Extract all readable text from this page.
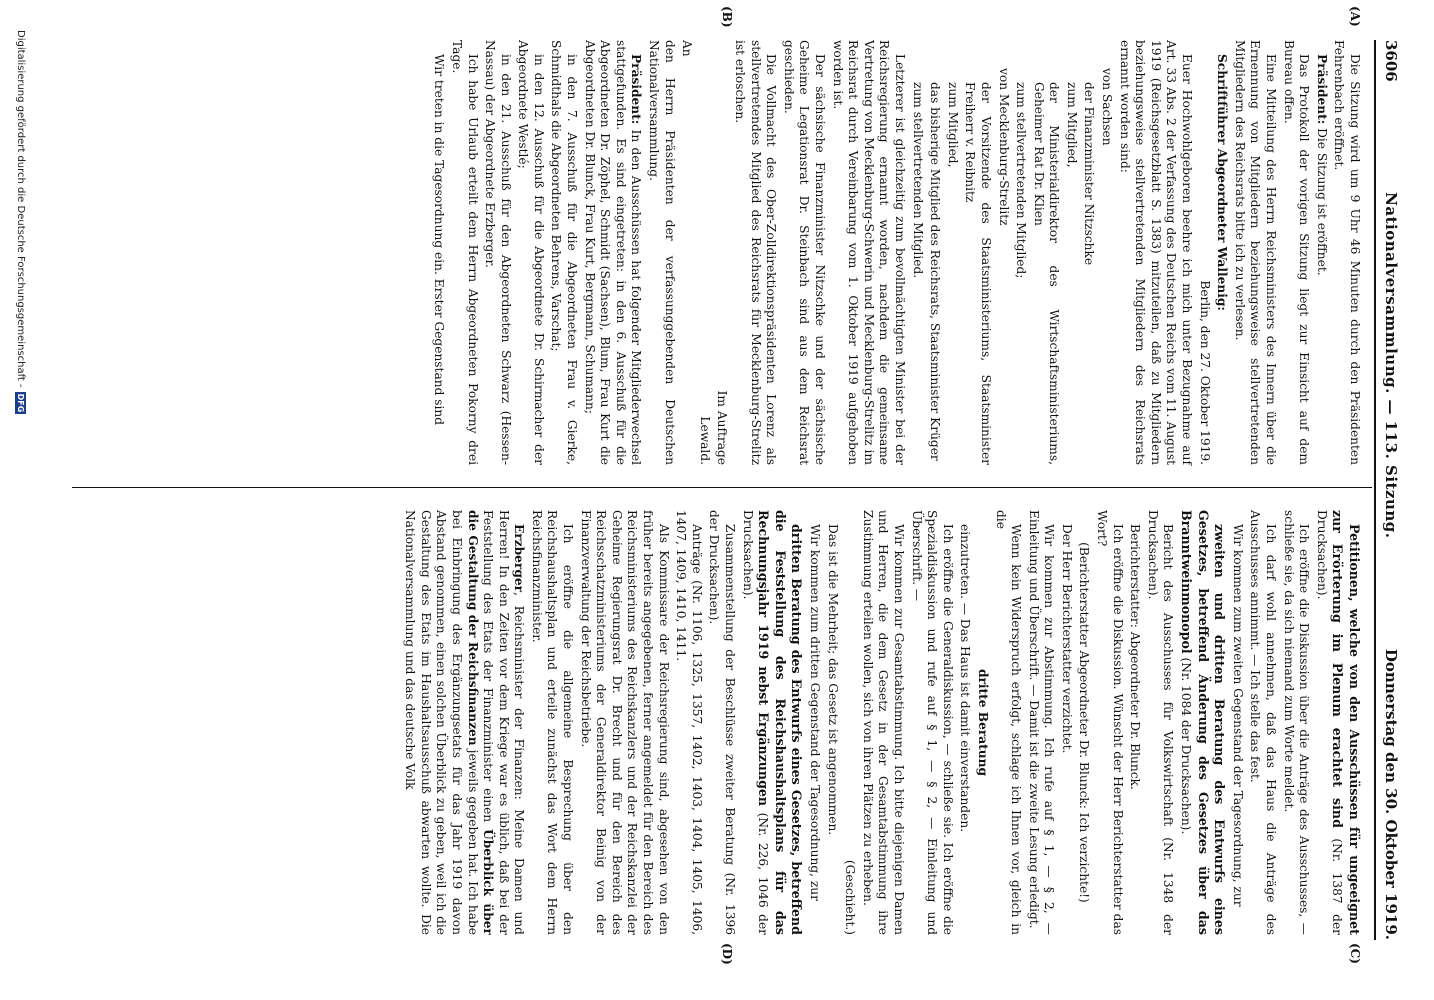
3606
Nationalversammlung. — 113. Sitzung.
Donnerstag den 30. Oktober 1919.
(A)
(B)
(C)
(D)

Die Sitzung wird um 9 Uhr 46 Minuten durch den Präsidenten Fehrenbach eröffnet.

Präsident: Die Sitzung ist eröffnet.

Das Protokoll der vorigen Sitzung liegt zur Einsicht auf dem Bureau offen.

Eine Mitteilung des Herrn Reichsministers des Innern über die Ernennung von Mitgliedern beziehungsweise stellvertretenden Mitgliedern des Reichsrats bitte ich zu verlesen.

Schriftführer Abgeordneter Wallenig:

Berlin, den 27. Oktober 1919.

Euer Hochwohlgeboren beehre ich mich unter Bezugnahme auf Art. 33 Abs. 2 der Verfassung des Deutschen Reichs vom 11. August 1919 (Reichsgesetzblatt S. 1383) mitzuteilen, daß zu Mitgliedern beziehungsweise stellvertretenden Mitgliedern des Reichsrats ernannt worden sind:

von Sachsen

der Finanzminister Nitzschke

zum Mitglied,

der Ministerialdirektor des Wirtschaftsministeriums, Geheimer Rat Dr. Klien

zum stellvertretenden Mitglied;

von Mecklenburg-Strelitz

der Vorsitzende des Staatsministeriums, Staatsminister Freiherr v. Reibnitz

zum Mitglied,

das bisherige Mitglied des Reichsrats, Staatsminister Krüger

zum stellvertretenden Mitglied.

Letzterer ist gleichzeitig zum bevollmächtigten Minister bei der Reichsregierung ernannt worden, nachdem die gemeinsame Vertretung von Mecklenburg-Schwerin und Mecklenburg-Strelitz im Reichsrat durch Vereinbarung vom 1. Oktober 1919 aufgehoben worden ist.

Der sächsische Finanzminister Nitzschke und der sächsische Geheime Legationsrat Dr. Steinbach sind aus dem Reichsrat geschieden.

Die Vollmacht des Ober-Zolldirektionspräsidenten Lorenz als stellvertretendes Mitglied des Reichsrats für Mecklenburg-Strelitz ist erloschen.

Im Auftrage

Lewald.

An

den Herrn Präsidenten der verfassunggebenden Deutschen Nationalversammlung.

Präsident: In den Ausschüssen hat folgender Mitgliederwechsel stattgefunden. Es sind eingetreten: in den 6. Ausschuß für die Abgeordneten Dr. Zöphel, Schmidt (Sachsen), Blum, Frau Kurt die Abgeordneten Dr. Blunck, Frau Kurt, Bergmann, Schumann;

in den 7. Ausschuß für die Abgeordneten Frau v. Gierke, Schmidthals die Abgeordneten Behrens, Varschat;

in den 12. Ausschuß für die Abgeordnete Dr. Schirmacher der Abgeordnete Westlé;

in den 21. Ausschuß für den Abgeordneten Schwarz (Hessen-Nassau) der Abgeordnete Erzberger.

Ich habe Urlaub erteilt dem Herrn Abgeordneten Pokorny drei Tage.

Wir treten in die Tagesordnung ein. Erster Gegenstand sind

Petitionen, welche von den Ausschüssen für ungeeignet zur Erörterung im Plenum erachtet sind (Nr. 1387 der Drucksachen).

Ich eröffne die Diskussion über die Anträge des Ausschusses, — schließe sie, da sich niemand zum Worte meldet.

Ich darf wohl annehmen, daß das Haus die Anträge des Ausschusses annimmt. — Ich stelle das fest.

Wir kommen zum zweiten Gegenstand der Tagesordnung, zur

zweiten und dritten Beratung des Entwurfs eines Gesetzes, betreffend Änderung des Gesetzes über das Branntweinmonopol (Nr. 1084 der Drucksachen).

Bericht des Ausschusses für Volkswirtschaft (Nr. 1348 der Drucksachen).

Berichterstatter: Abgeordneter Dr. Blunck.

Ich eröffne die Diskussion. Wünscht der Herr Berichterstatter das Wort?

(Berichterstatter Abgeordneter Dr. Blunck: Ich verzichte!)

Der Herr Berichterstatter verzichtet.

Wir kommen zur Abstimmung. Ich rufe auf § 1, — § 2, — Einleitung und Überschrift. — Damit ist die zweite Lesung erledigt.

Wenn kein Widerspruch erfolgt, schlage ich Ihnen vor, gleich in die

dritte Beratung

einzutreten. — Das Haus ist damit einverstanden.

Ich eröffne die Generaldiskussion, — schließe sie. Ich eröffne die Spezialdiskussion und rufe auf § 1, — § 2, — Einleitung und Überschrift. —

Wir kommen zur Gesamtabstimmung. Ich bitte diejenigen Damen und Herren, die dem Gesetz in der Gesamtabstimmung ihre Zustimmung erteilen wollen, sich von ihren Plätzen zu erheben.

(Geschieht.)

Das ist die Mehrheit; das Gesetz ist angenommen.

Wir kommen zum dritten Gegenstand der Tagesordnung, zur

dritten Beratung des Entwurfs eines Gesetzes, betreffend die Feststellung des Reichshaushaltsplans für das Rechnungsjahr 1919 nebst Ergänzungen (Nr. 226, 1046 der Drucksachen).

Zusammenstellung der Beschlüsse zweiter Beratung (Nr. 1396 der Drucksachen).

Anträge (Nr. 1106, 1325, 1357, 1402, 1403, 1404, 1405, 1406, 1407, 1409, 1410, 1411.

Als Kommissare der Reichsregierung sind, abgesehen von den früher bereits angegebenen, ferner angemeldet für den Bereich des Reichsministeriums des Reichskanzlers und der Reichskanzlei der Geheime Regierungsrat Dr. Brecht und für den Bereich des Reichsschatzministeriums der Generaldirektor Beinig von der Finanzverwaltung der Reichsbetriebe.

Ich eröffne die allgemeine Besprechung über den Reichshaushaltsplan und erteile zunächst das Wort dem Herrn Reichsfinanzminister.

Erzberger, Reichsminister der Finanzen: Meine Damen und Herren! In den Zeiten vor dem Kriege war es üblich, daß bei der Feststellung des Etats der Finanzminister einen Überblick über die Gestaltung der Reichsfinanzen jeweils gegeben hat. Ich habe bei Einbringung des Ergänzungsetats für das Jahr 1919 davon Abstand genommen, einen solchen Überblick zu geben, weil ich die Gestaltung des Etats im Haushaltsausschuß abwarten wollte. Die Nationalversammlung und das deutsche Volk

Digitalisierung gefördert durch die Deutsche Forschungsgemeinschaft -DFG
